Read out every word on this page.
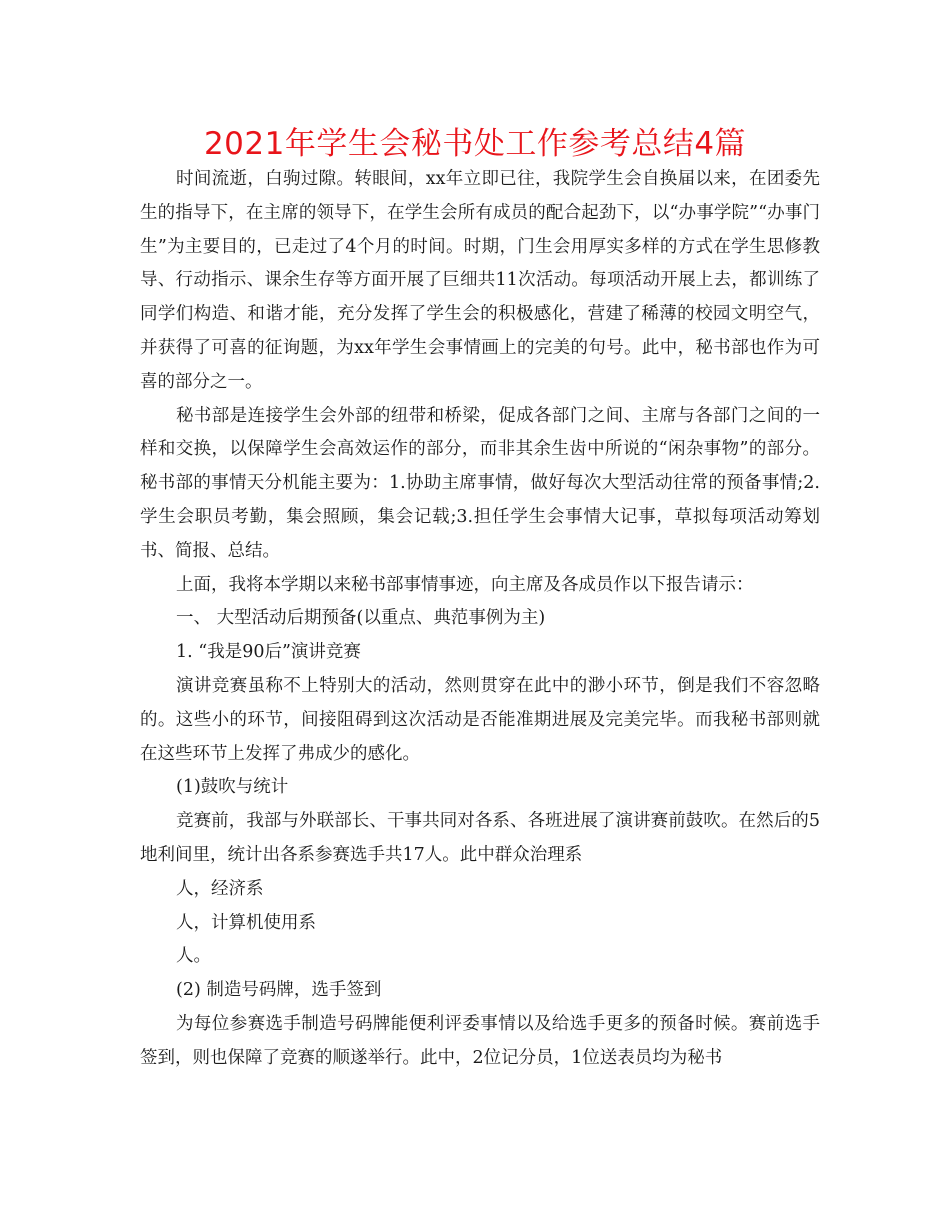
2021年学生会秘书处工作参考总结4篇

时间流逝，白驹过隙。转眼间，xx年立即已往，我院学生会自换届以来，在团委先生的指导下，在主席的领导下，在学生会所有成员的配合起劲下，以“办事学院”“办事门生”为主要目的，已走过了4个月的时间。时期，门生会用厚实多样的方式在学生思修教导、行动指示、课余生存等方面开展了巨细共11次活动。每项活动开展上去，都训练了同学们构造、和谐才能，充分发挥了学生会的积极感化，营建了稀薄的校园文明空气，并获得了可喜的征询题，为xx年学生会事情画上的完美的句号。此中，秘书部也作为可喜的部分之一。

秘书部是连接学生会外部的纽带和桥梁，促成各部门之间、主席与各部门之间的一样和交换，以保障学生会高效运作的部分，而非其余生齿中所说的“闲杂事物”的部分。秘书部的事情天分机能主要为：1.协助主席事情，做好每次大型活动往常的预备事情;2.学生会职员考勤，集会照顾，集会记载;3.担任学生会事情大记事，草拟每项活动筹划书、简报、总结。

上面，我将本学期以来秘书部事情事迹，向主席及各成员作以下报告请示：

一、 大型活动后期预备(以重点、典范事例为主)

1. “我是90后”演讲竞赛

演讲竞赛虽称不上特别大的活动，然则贯穿在此中的渺小环节，倒是我们不容忽略的。这些小的环节，间接阻碍到这次活动是否能准期进展及完美完毕。而我秘书部则就在这些环节上发挥了弗成少的感化。

(1)鼓吹与统计

竞赛前，我部与外联部长、干事共同对各系、各班进展了演讲赛前鼓吹。在然后的5地利间里，统计出各系参赛选手共17人。此中群众治理系

人，经济系

人，计算机使用系

人。

(2) 制造号码牌，选手签到

为每位参赛选手制造号码牌能便利评委事情以及给选手更多的预备时候。赛前选手签到，则也保障了竞赛的顺遂举行。此中，2位记分员，1位送表员均为秘书
